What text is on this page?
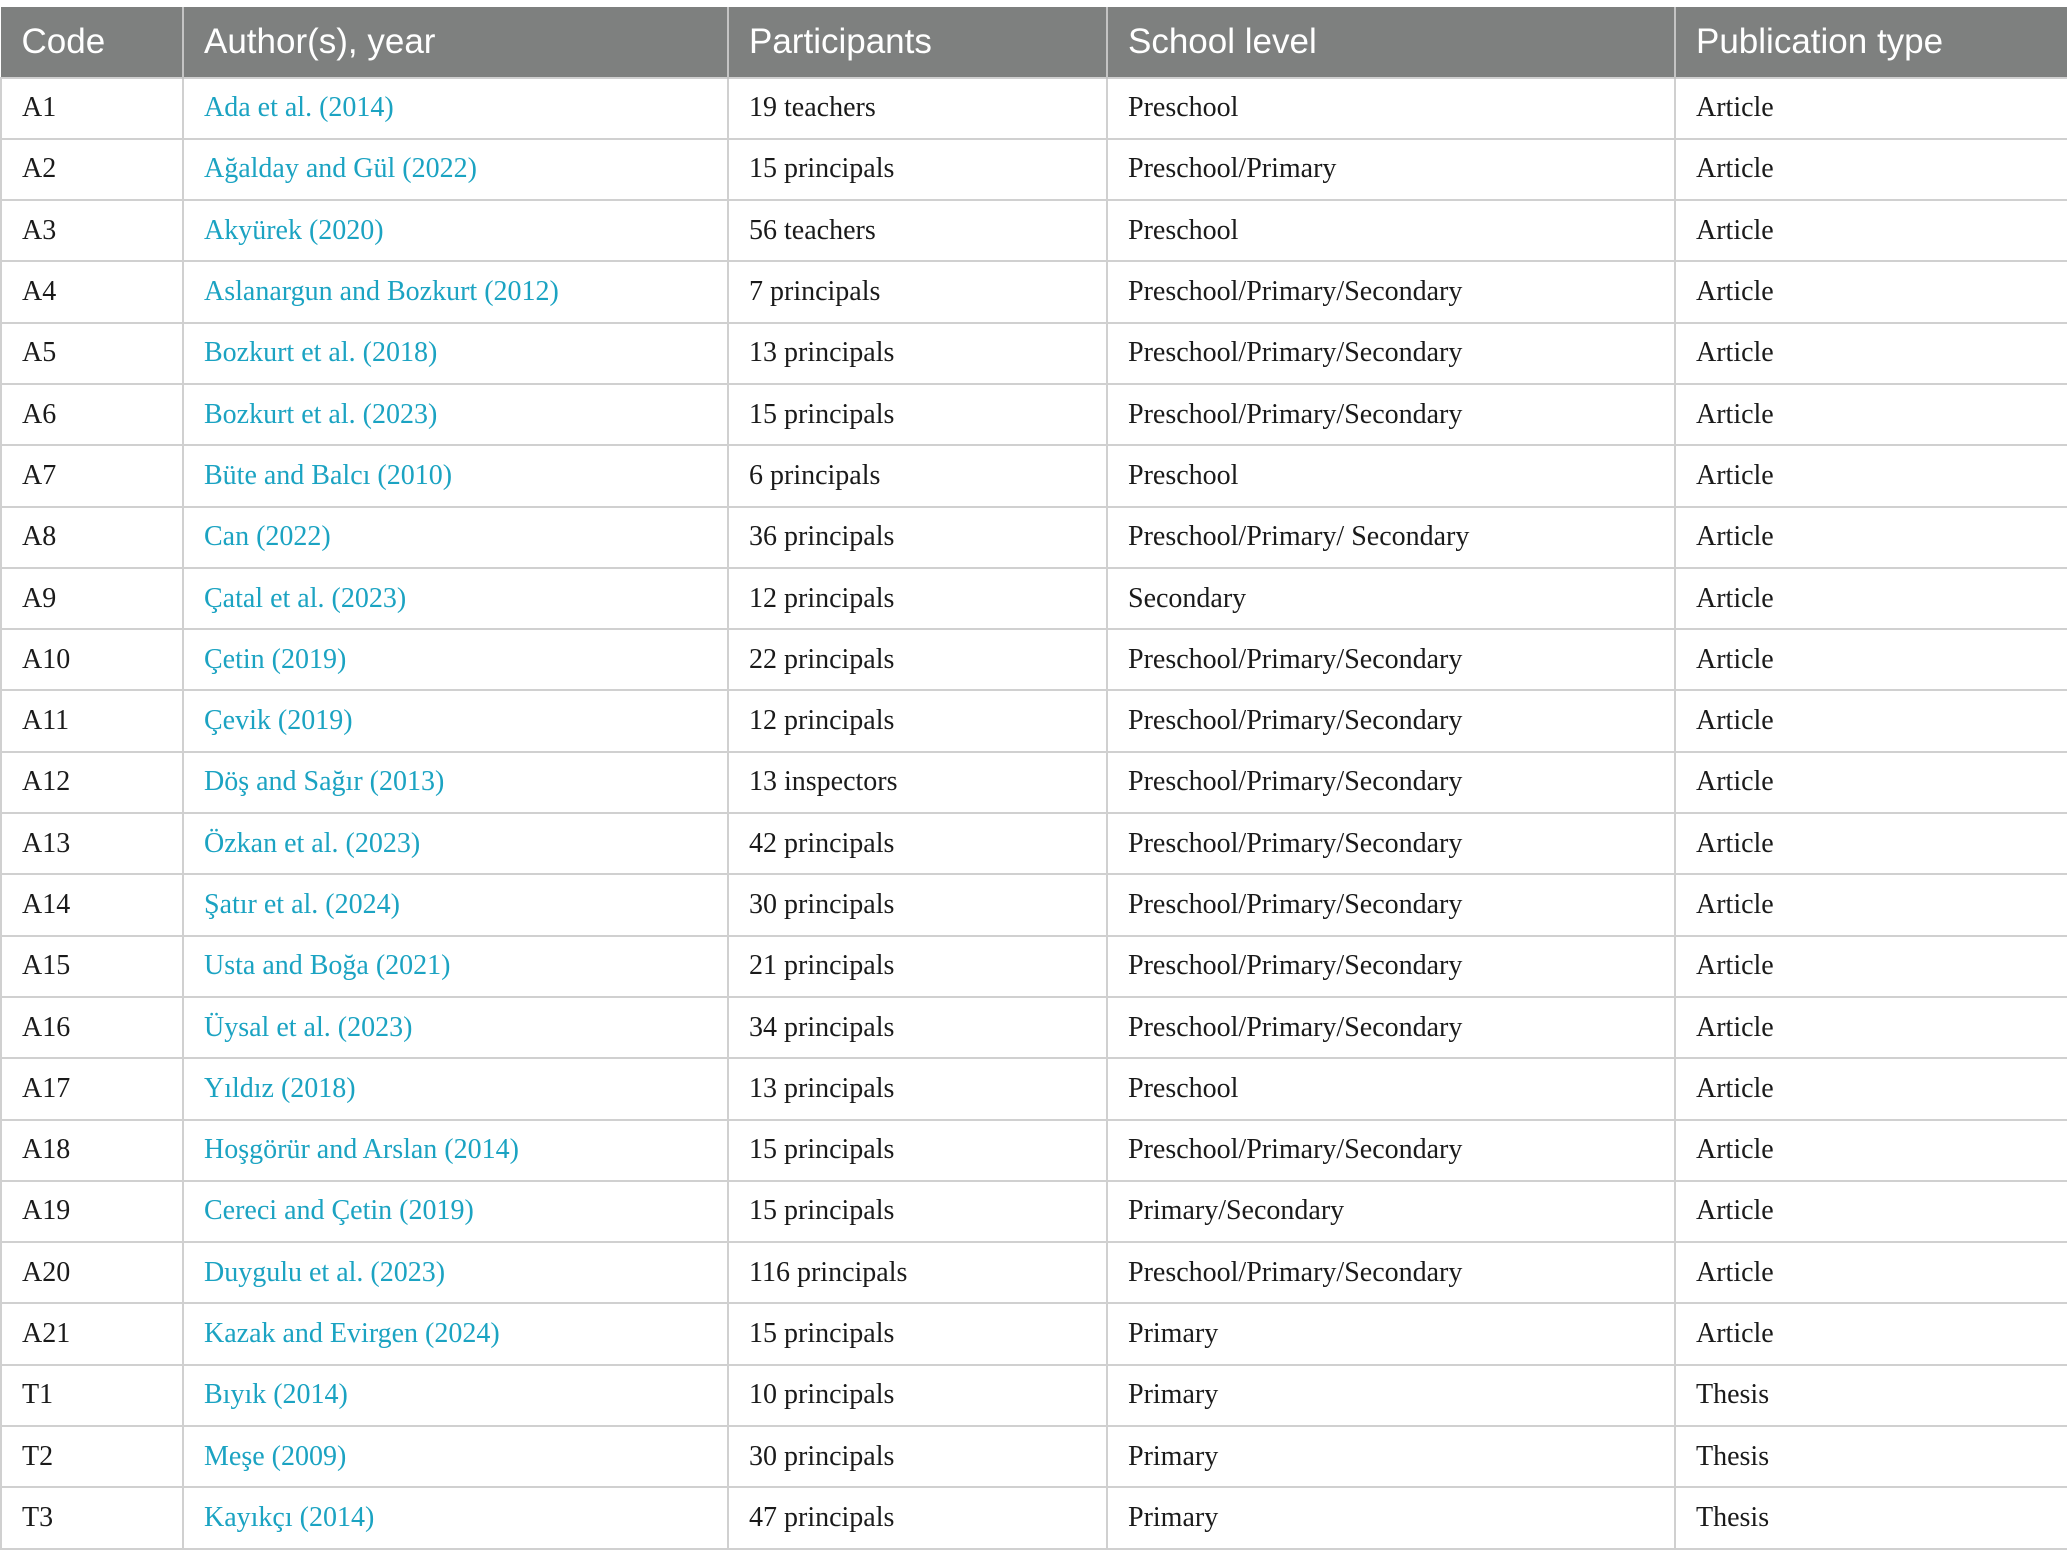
Code	Author(s), year	Participants	School level	Publication type
A1	Ada et al. (2014)	19 teachers	Preschool	Article
A2	Ağalday and Gül (2022)	15 principals	Preschool/Primary	Article
A3	Akyürek (2020)	56 teachers	Preschool	Article
A4	Aslanargun and Bozkurt (2012)	7 principals	Preschool/Primary/Secondary	Article
A5	Bozkurt et al. (2018)	13 principals	Preschool/Primary/Secondary	Article
A6	Bozkurt et al. (2023)	15 principals	Preschool/Primary/Secondary	Article
A7	Büte and Balcı (2010)	6 principals	Preschool	Article
A8	Can (2022)	36 principals	Preschool/Primary/ Secondary	Article
A9	Çatal et al. (2023)	12 principals	Secondary	Article
A10	Çetin (2019)	22 principals	Preschool/Primary/Secondary	Article
A11	Çevik (2019)	12 principals	Preschool/Primary/Secondary	Article
A12	Döş and Sağır (2013)	13 inspectors	Preschool/Primary/Secondary	Article
A13	Özkan et al. (2023)	42 principals	Preschool/Primary/Secondary	Article
A14	Şatır et al. (2024)	30 principals	Preschool/Primary/Secondary	Article
A15	Usta and Boğa (2021)	21 principals	Preschool/Primary/Secondary	Article
A16	Üysal et al. (2023)	34 principals	Preschool/Primary/Secondary	Article
A17	Yıldız (2018)	13 principals	Preschool	Article
A18	Hoşgörür and Arslan (2014)	15 principals	Preschool/Primary/Secondary	Article
A19	Cereci and Çetin (2019)	15 principals	Primary/Secondary	Article
A20	Duygulu et al. (2023)	116 principals	Preschool/Primary/Secondary	Article
A21	Kazak and Evirgen (2024)	15 principals	Primary	Article
T1	Bıyık (2014)	10 principals	Primary	Thesis
T2	Meşe (2009)	30 principals	Primary	Thesis
T3	Kayıkçı (2014)	47 principals	Primary	Thesis
